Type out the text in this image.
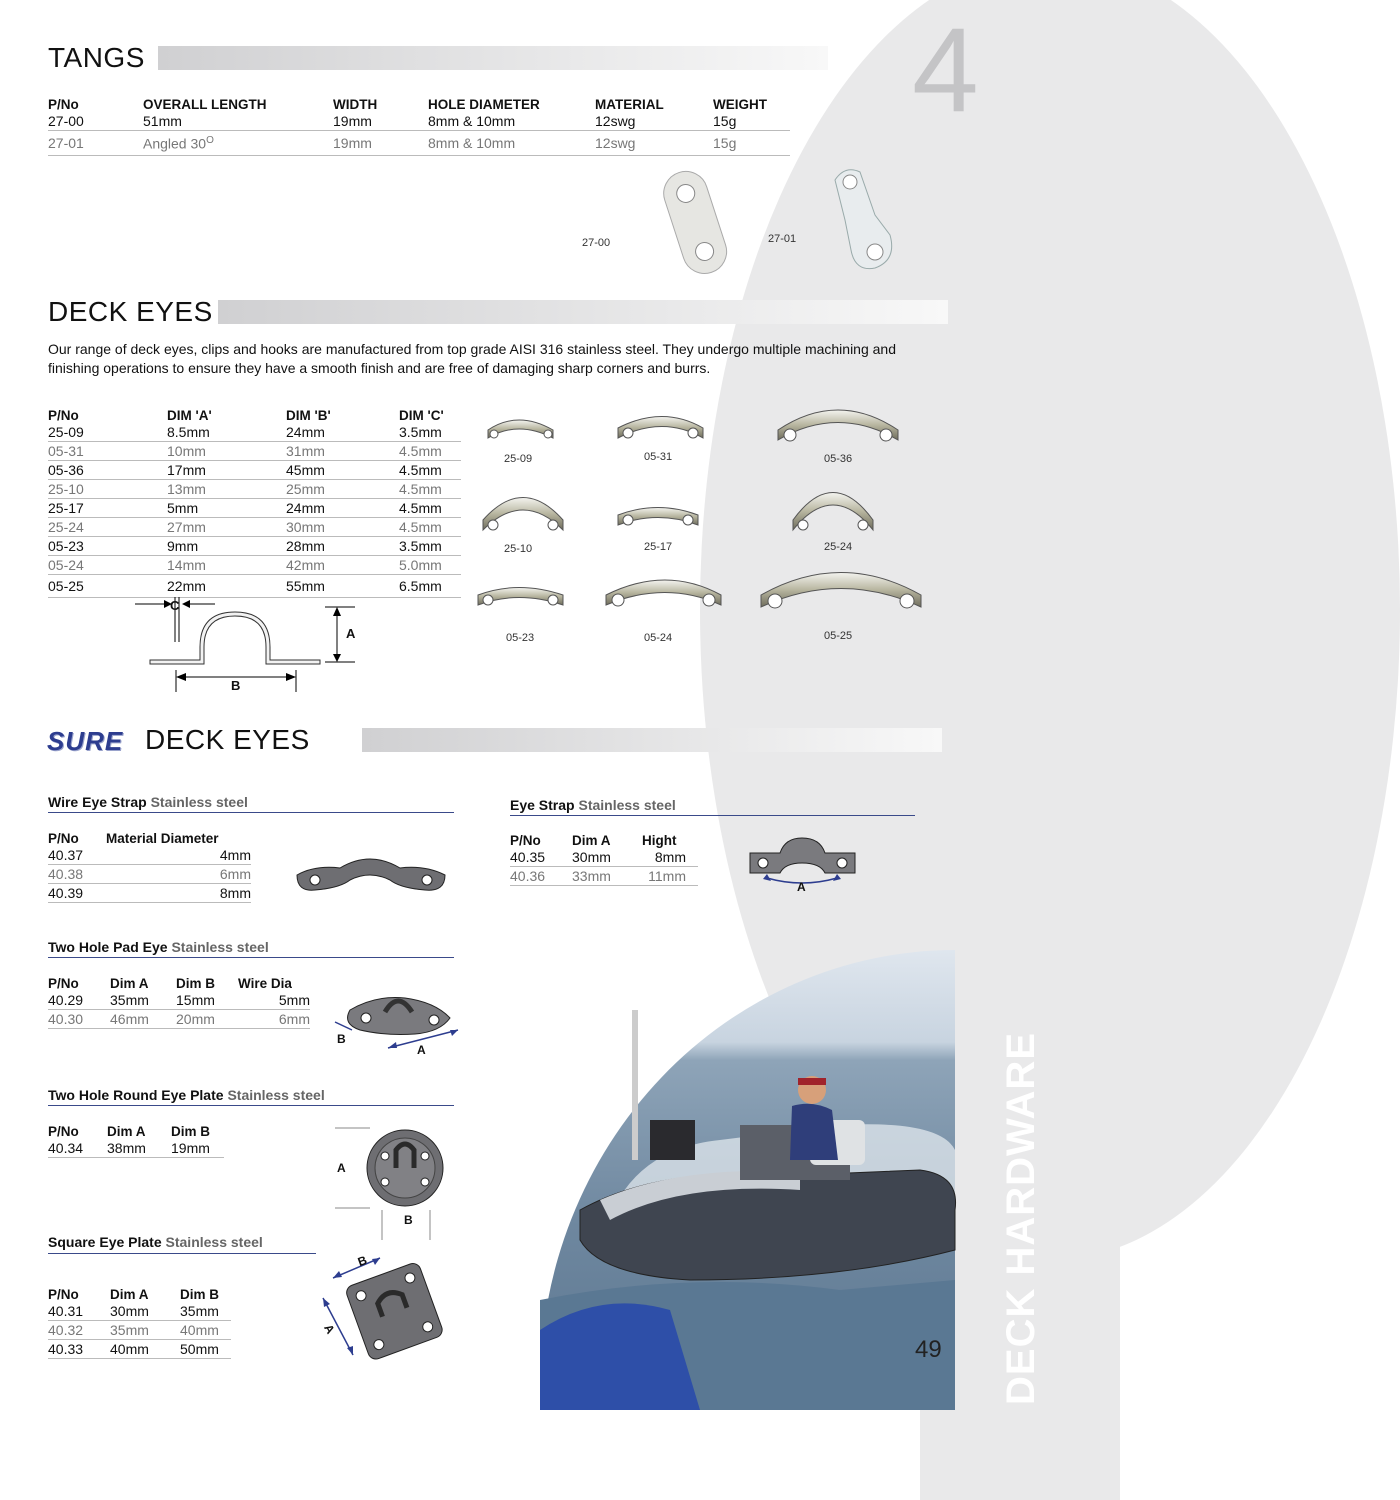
4
TANGS
P/No	OVERALL LENGTH	WIDTH	HOLE DIAMETER	MATERIAL	WEIGHT
27-00	51mm	19mm	8mm & 10mm	12swg	15g
27-01	Angled $30^O$	19mm	8mm & 10mm	12swg	15g
27-00	27-01
DECK EYES
Our range of deck eyes, clips and hooks are manufactured from top grade AISI 316 stainless steel. They undergo multiple machining and finishing operations to ensure they have a smooth finish and are free of damaging sharp corners and burrs.
P/No	DIM 'A'	DIM 'B'	DIM 'C'
25-09	8.5mm	24mm	3.5mm
05-31	10mm	31mm	4.5mm
05-36	17mm	45mm	4.5mm
25-10	13mm	25mm	4.5mm
25-17	5mm	24mm	4.5mm
25-24	27mm	30mm	4.5mm
05-23	9mm	28mm	3.5mm
05-24	14mm	42mm	5.0mm
05-25	22mm	55mm	6.5mm
C
A
B
25-09	05-31	05-36
25-10	25-17	25-24
05-23	05-24	05-25
SURE DECK EYES
Wire Eye Strap Stainless steel
P/No	Material Diameter
40.37	4mm
40.38	6mm
40.39	8mm
Eye Strap Stainless steel
P/No	Dim A	Hight
40.35	30mm	8mm
40.36	33mm	11mm
A
Two Hole Pad Eye Stainless steel
P/No	Dim A	Dim B	Wire Dia
40.29	35mm	15mm	5mm
40.30	46mm	20mm	6mm
B
A
Two Hole Round Eye Plate Stainless steel
P/No	Dim A	Dim B
40.34	38mm	19mm
A
B
Square Eye Plate Stainless steel
P/No	Dim A	Dim B
40.31	30mm	35mm
40.32	35mm	40mm
40.33	40mm	50mm
B
A	DECK HARDWARE
49
